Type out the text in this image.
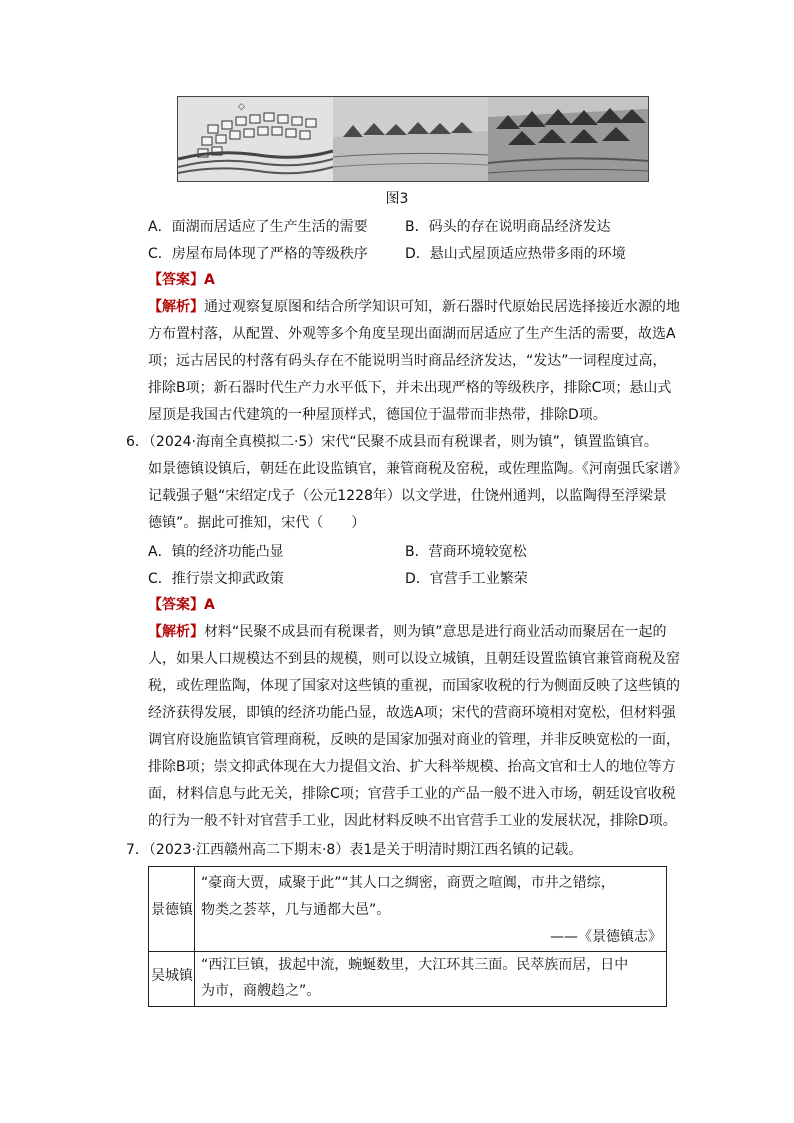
◇
图3
A．面湖而居适应了生产生活的需要	B．码头的存在说明商品经济发达
C．房屋布局体现了严格的等级秩序	D．悬山式屋顶适应热带多雨的环境
【答案】A
【解析】通过观察复原图和结合所学知识可知，新石器时代原始民居选择接近水源的地
方布置村落，从配置、外观等多个角度呈现出面湖而居适应了生产生活的需要，故选A
项；远古居民的村落有码头存在不能说明当时商品经济发达，“发达”一词程度过高，
排除B项；新石器时代生产力水平低下，并未出现严格的等级秩序，排除C项；悬山式
屋顶是我国古代建筑的一种屋顶样式，德国位于温带而非热带，排除D项。
6．（2024·海南全真模拟二·5）宋代“民聚不成县而有税课者，则为镇”，镇置监镇官。
如景德镇设镇后，朝廷在此设监镇官，兼管商税及窑税，或佐理监陶。《河南强氏家谱》
记载强子魁“宋绍定戊子（公元1228年）以文学进，仕饶州通判，以监陶得至浮梁景
德镇”。据此可推知，宋代（　　）
A．镇的经济功能凸显	B．营商环境较宽松
C．推行崇文抑武政策	D．官营手工业繁荣
【答案】A
【解析】材料“民聚不成县而有税课者，则为镇”意思是进行商业活动而聚居在一起的
人，如果人口规模达不到县的规模，则可以设立城镇，且朝廷设置监镇官兼管商税及窑
税，或佐理监陶，体现了国家对这些镇的重视，而国家收税的行为侧面反映了这些镇的
经济获得发展，即镇的经济功能凸显，故选A项；宋代的营商环境相对宽松，但材料强
调官府设施监镇官管理商税，反映的是国家加强对商业的管理，并非反映宽松的一面，
排除B项；崇文抑武体现在大力提倡文治、扩大科举规模、抬高文官和士人的地位等方
面，材料信息与此无关，排除C项；官营手工业的产品一般不进入市场，朝廷设官收税
的行为一般不针对官营手工业，因此材料反映不出官营手工业的发展状况，排除D项。
7．（2023·江西赣州高二下期末·8）表1是关于明清时期江西名镇的记载。
景德镇
“豪商大贾，咸聚于此”“其人口之绸密，商贾之喧阗，市井之错综，
物类之荟萃，几与通都大邑”。
——《景德镇志》
吴城镇
“西江巨镇，拔起中流，蜿蜒数里，大江环其三面。民萃族而居，日中
为市，商艘趋之”。
